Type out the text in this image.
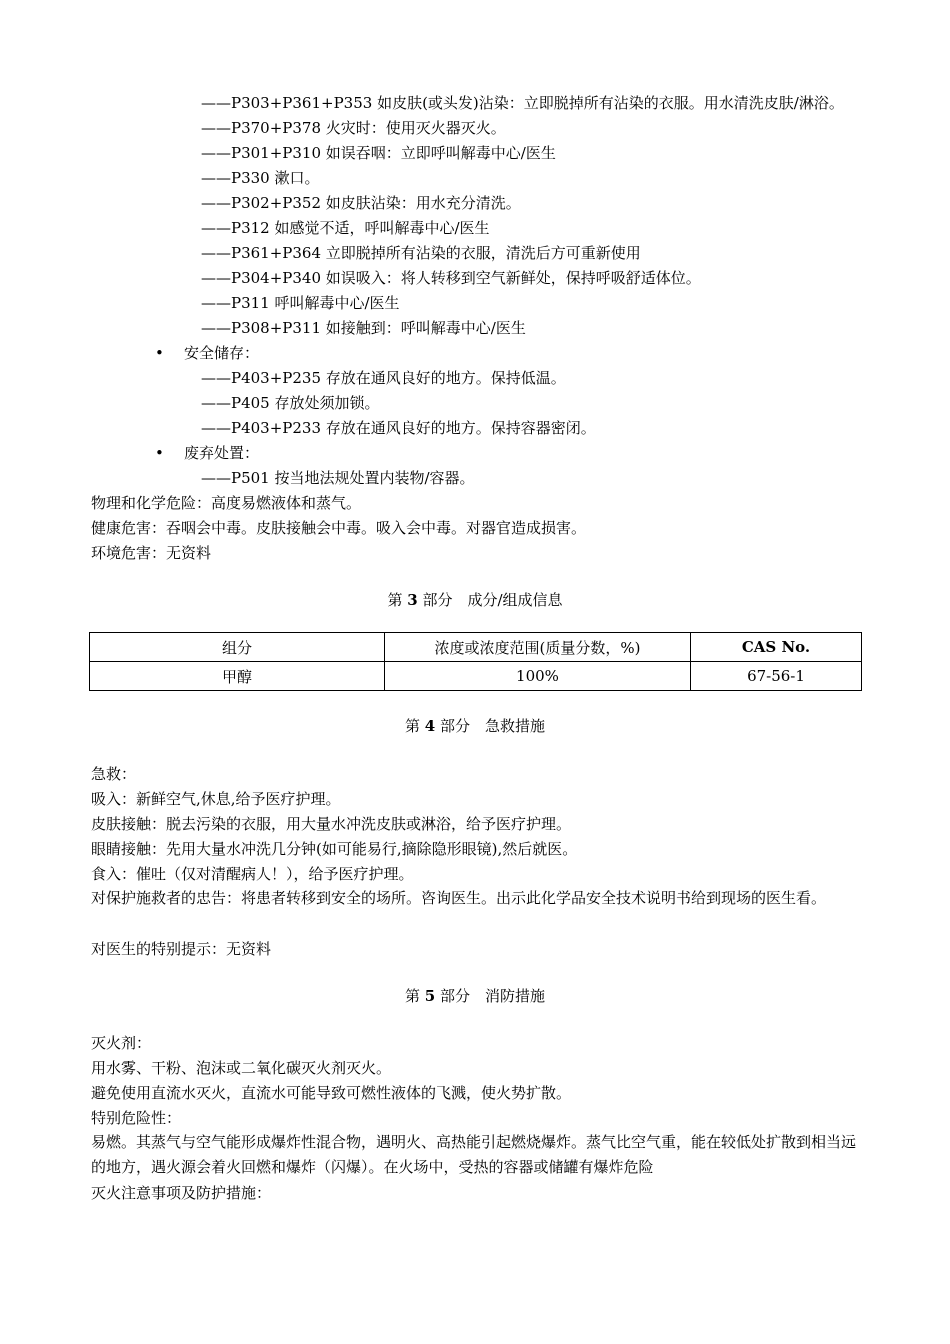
——P303+P361+P353 如皮肤(或头发)沾染：立即脱掉所有沾染的衣服。用水清洗皮肤/淋浴。
——P370+P378 火灾时：使用灭火器灭火。
——P301+P310 如误吞咽：立即呼叫解毒中心/医生
——P330 漱口。
——P302+P352 如皮肤沾染：用水充分清洗。
——P312 如感觉不适，呼叫解毒中心/医生
——P361+P364 立即脱掉所有沾染的衣服，清洗后方可重新使用
——P304+P340 如误吸入：将人转移到空气新鲜处，保持呼吸舒适体位。
——P311 呼叫解毒中心/医生
——P308+P311 如接触到：呼叫解毒中心/医生
• 安全储存：
——P403+P235 存放在通风良好的地方。保持低温。
——P405 存放处须加锁。
——P403+P233 存放在通风良好的地方。保持容器密闭。
• 废弃处置：
——P501 按当地法规处置内装物/容器。
物理和化学危险：高度易燃液体和蒸气。
健康危害：吞咽会中毒。皮肤接触会中毒。吸入会中毒。对器官造成损害。
环境危害：无资料
第 3 部分　成分/组成信息
组分	浓度或浓度范围(质量分数，%)	CAS No.
甲醇	100%	67-56-1
第 4 部分　急救措施
急救：
吸入：新鲜空气,休息,给予医疗护理。
皮肤接触：脱去污染的衣服，用大量水冲洗皮肤或淋浴，给予医疗护理。
眼睛接触：先用大量水冲洗几分钟(如可能易行,摘除隐形眼镜),然后就医。
食入：催吐（仅对清醒病人！），给予医疗护理。
对保护施救者的忠告：将患者转移到安全的场所。咨询医生。出示此化学品安全技术说明书给到现场的医生看。
对医生的特别提示：无资料
第 5 部分　消防措施
灭火剂：
用水雾、干粉、泡沫或二氧化碳灭火剂灭火。
避免使用直流水灭火，直流水可能导致可燃性液体的飞溅，使火势扩散。
特别危险性：
易燃。其蒸气与空气能形成爆炸性混合物，遇明火、高热能引起燃烧爆炸。蒸气比空气重，能在较低处扩散到相当远的地方，遇火源会着火回燃和爆炸（闪爆）。在火场中，受热的容器或储罐有爆炸危险
灭火注意事项及防护措施：
